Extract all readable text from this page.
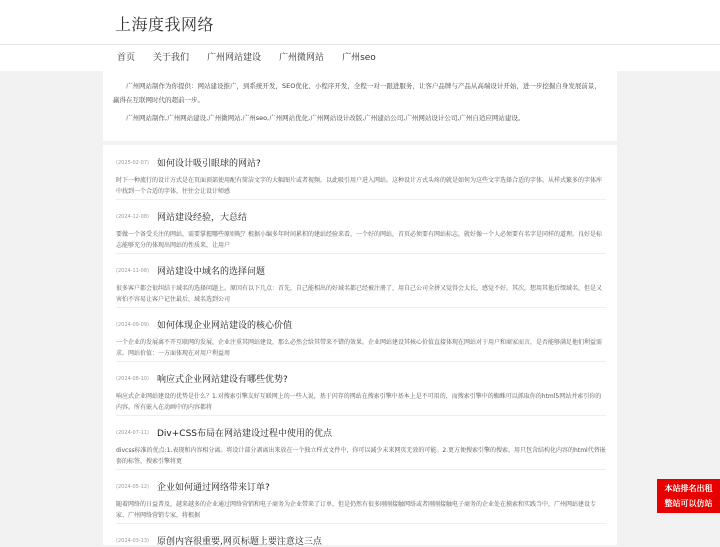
上海度我网络
首页	关于我们	广州网站建设	广州微网站	广州seo

广州网站制作为你提供：网站建设推广，到系统开发，SEO优化、小程序开发，全程一对一跟进服务，让客户品牌与产品从高端设计开始，进一步挖掘自身发展前景，赢得在互联网时代的超前一步。

广州网站制作,广州网站建设,广州微网站,广州seo,广州网站优化,广州网站设计改版,广州建站公司,广州网站设计公司,广州自适应网站建设。

(2025-02-07) 如何设计吸引眼球的网站?
时下一种流行的设计方式是在页面顶部使用配有简洁文字的大幅图片或者视频，以此吸引用户进入网站。这种设计方式头疼的就是如何为这些文字选择合适的字体。从样式繁多的字体库中找到一个合适的字体，往往会让设计师感
(2024-12-08) 网站建设经验，大总结
要做一个备受关注的网站，需要掌握哪些原则呢？根据小编多年时间累积的建站经验来看，一个好的网站，首页必须要有网站标志，就好像一个人必须要有名字是同样的道理。良好是标志能够充分的体现出网站的性质来，让用户
(2024-11-08) 网站建设中域名的选择问题
很多客户都会很纠结于域名的选择问题上。原因有以下几点：首先，自己能相出的好域名都已经被注册了，用自己公司全拼又觉得会太长，感觉不好。其次，想用其他后缀域名，但是又害怕不容易让客户记住最后，域名选到公司
(2024-09-09) 如何体现企业网站建设的核心价值
一个企业的发展离不开互联网的发展，企业注重其网站建设，那么必然会给其带来不错的效果。企业网站建设其核心价值直接体现在网站对于用户和商家而言，是否能够满足他们利益需求。网站价值：一方面体现在对用户利益周
(2024-08-10) 响应式企业网站建设有哪些优势?
响应式企业网站建设的优势是什么？1.对搜索引擎友好互联网上的一些人说，基于闪存的网站在搜索引擎中基本上是不可用的，而搜索引擎中的蜘蛛可以抓取你的html5网站并索引你的内容。所有嵌入在动画中的内容都将
(2024-07-11) Div+CSS布局在网站建设过程中使用的优点
divcss标准的优点:1.表现和内容相分离。将设计部分剥离出来放在一个独立样式文件中，你可以减少未来网页无效的可能。2.更方便搜索引擎的搜索。用只包含结构化内容的html代替嵌套的标签，搜索引擎将更
(2024-05-12) 企业如何通过网络带来订单?
随着网络的日益普及，越来越多的企业通过网络营销和电子商务为企业带来了订单，但是仍然有很多刚刚接触网络或者刚刚接触电子商务的企业处在摸索和实践当中，广州网站建设专家、广州网络营销专家，将根据
(2024-03-13) 原创内容很重要,网页标题上要注意这三点
本站排名出租
整站可以仿站
